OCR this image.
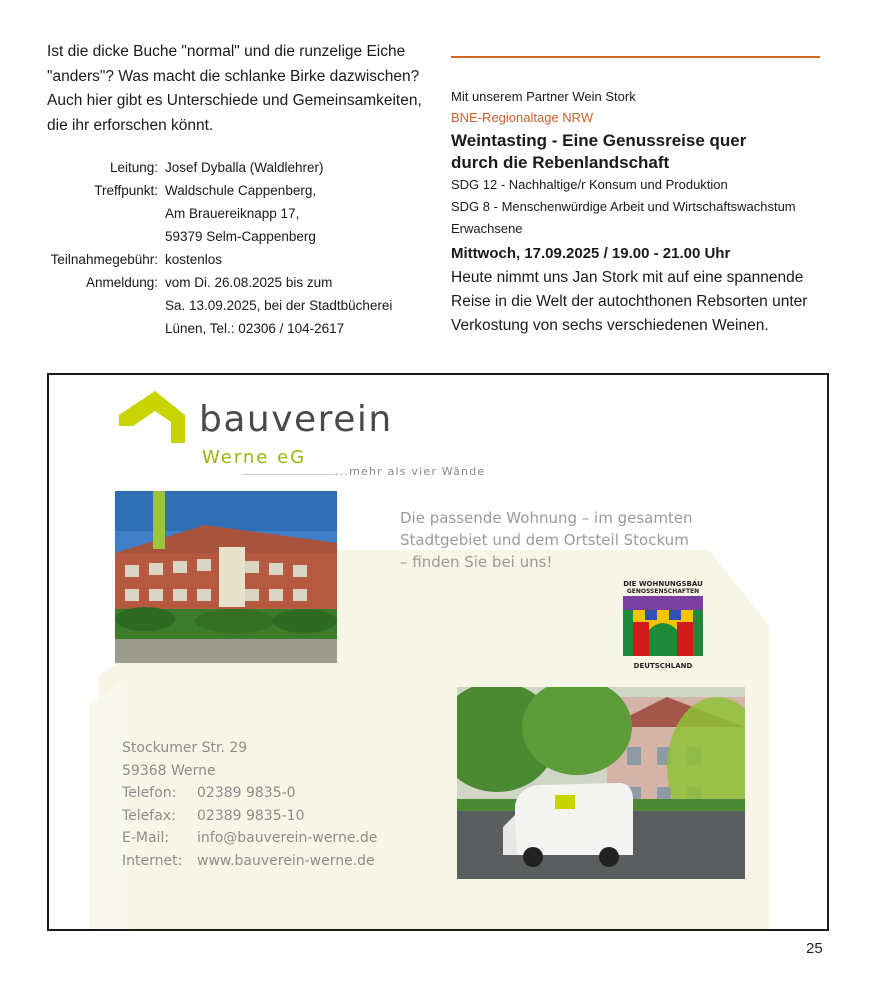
Ist die dicke Buche "normal" und die runzelige Eiche
"anders"? Was macht die schlanke Birke dazwischen?
Auch hier gibt es Unterschiede und Gemeinsamkeiten,
die ihr erforschen könnt.
Leitung: Josef Dyballa (Waldlehrer)
Treffpunkt: Waldschule Cappenberg,
Am Brauereiknapp 17,
59379 Selm-Cappenberg
Teilnahmegebühr: kostenlos
Anmeldung: vom Di. 26.08.2025 bis zum
Sa. 13.09.2025, bei der Stadtbücherei
Lünen, Tel.: 02306 / 104-2617
Mit unserem Partner Wein Stork
BNE-Regionaltage NRW
Weintasting - Eine Genussreise quer
durch die Rebenlandschaft
SDG 12 - Nachhaltige/r Konsum und Produktion
SDG 8 - Menschenwürdige Arbeit und Wirtschaftswachstum
Erwachsene
Mittwoch, 17.09.2025 / 19.00 - 21.00 Uhr
Heute nimmt uns Jan Stork mit auf eine spannende
Reise in die Welt der autochthonen Rebsorten unter
Verkostung von sechs verschiedenen Weinen.
bauverein
Werne eG
...mehr als vier Wände
Die passende Wohnung – im gesamten
Stadtgebiet und dem Ortsteil Stockum
– finden Sie bei uns!
DIE WOHNUNGSBAU
GENOSSENSCHAFTEN
DEUTSCHLAND
Stockumer Str. 29
59368 Werne
Telefon:	02389 9835-0
Telefax:	02389 9835-10
E-Mail:	info@bauverein-werne.de
Internet:	www.bauverein-werne.de
25
